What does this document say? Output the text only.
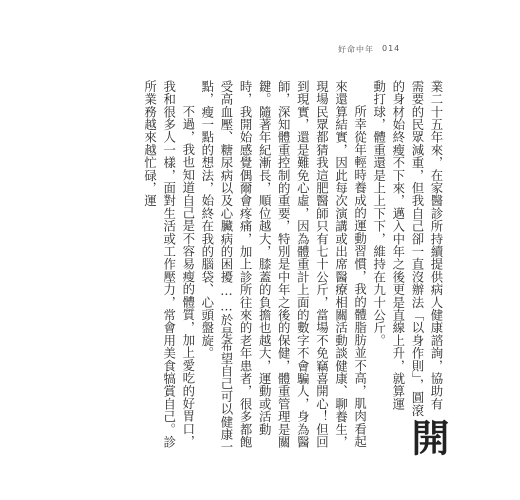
好命中年 014

開
業二十五年來，在家醫診所持續提供病人健康諮詢，協助有需要的民眾減重，但我自己卻一直沒辦法「以身作則」，圓滾的身材始終瘦不下來，邁入中年之後更是直線上升，就算運動打球，體重還是上上下下，維持在九十公斤。

所幸從年輕時養成的運動習慣，我的體脂肪並不高，肌肉看起來還算結實，因此每次演講或出席醫療相關活動談健康、聊養生，現場民眾都猜我這肥醫師只有七十公斤，當場不免竊喜開心！但回到現實，還是難免心虛，因為體重計上面的數字不會騙人，身為醫師，深知體重控制的重要，特別是中年之後的保健，體重管理是關鍵。隨著年紀漸長，順位越大，膝蓋的負擔也越大，運動或活動時，我開始感覺偶爾會疼痛，加上診所往來的老年患者，很多都飽受高血壓、糖尿病以及心臟病的困擾……於是希望自己可以健康一點，瘦一點的想法，始終在我的腦袋、心頭盤旋。

不過，我也知道自己是不容易瘦的體質，加上愛吃的好胃口，我和很多人一樣，面對生活或工作壓力，常會用美食犒賞自己。診所業務越來越忙碌，運
